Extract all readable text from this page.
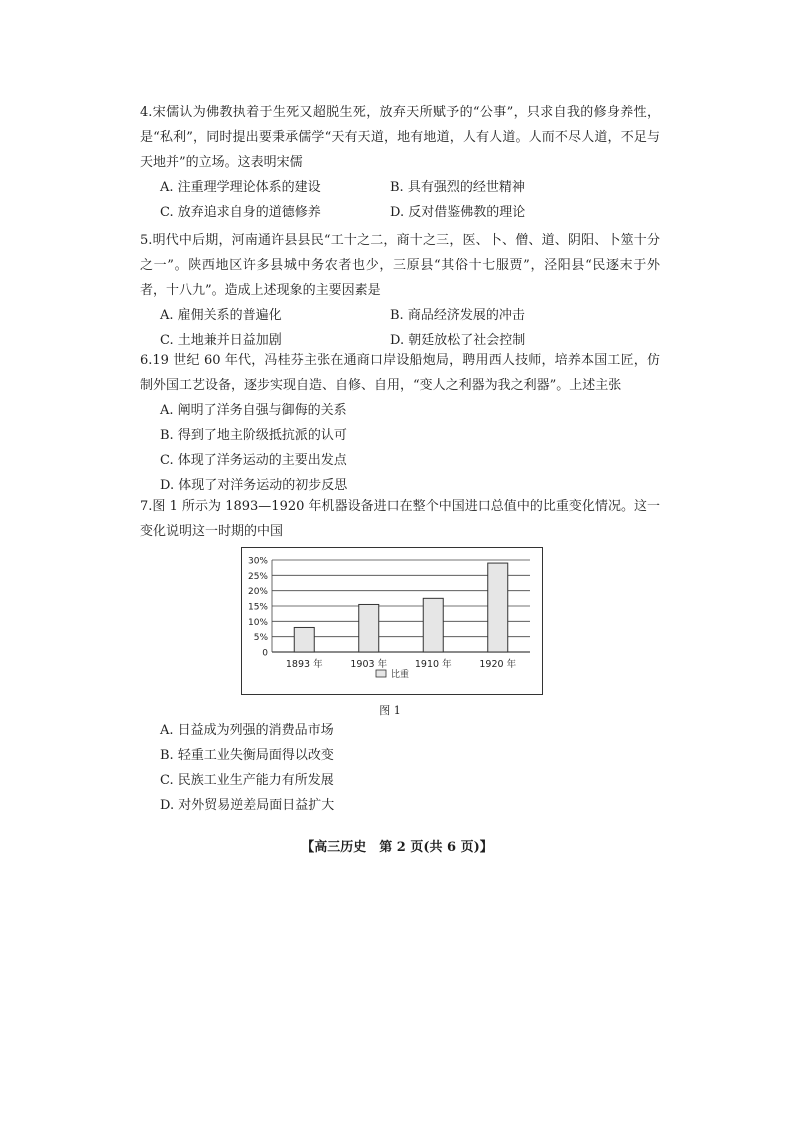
4.宋儒认为佛教执着于生死又超脱生死，放弃天所赋予的“公事”，只求自我的修身养性，是“私利”，同时提出要秉承儒学“天有天道，地有地道，人有人道。人而不尽人道，不足与天地并”的立场。这表明宋儒

A. 注重理学理论体系的建设	B. 具有强烈的经世精神
C. 放弃追求自身的道德修养	D. 反对借鉴佛教的理论

5.明代中后期，河南通许县县民“工十之二，商十之三，医、卜、僧、道、阴阳、卜筮十分之一”。陕西地区许多县城中务农者也少，三原县“其俗十七服贾”，泾阳县“民逐末于外者，十八九”。造成上述现象的主要因素是

A. 雇佣关系的普遍化	B. 商品经济发展的冲击
C. 土地兼并日益加剧	D. 朝廷放松了社会控制

6.19 世纪 60 年代，冯桂芬主张在通商口岸设船炮局，聘用西人技师，培养本国工匠，仿制外国工艺设备，逐步实现自造、自修、自用，“变人之利器为我之利器”。上述主张

A. 阐明了洋务自强与御侮的关系
B. 得到了地主阶级抵抗派的认可
C. 体现了洋务运动的主要出发点
D. 体现了对洋务运动的初步反思

7.图 1 所示为 1893—1920 年机器设备进口在整个中国进口总值中的比重变化情况。这一变化说明这一时期的中国

0
5%
10%
15%
20%
25%
30%
1893 年	1903 年	1910 年	1920 年
比重
图 1
A. 日益成为列强的消费品市场
B. 轻重工业失衡局面得以改变
C. 民族工业生产能力有所发展
D. 对外贸易逆差局面日益扩大
【高三历史　第 2 页(共 6 页)】
